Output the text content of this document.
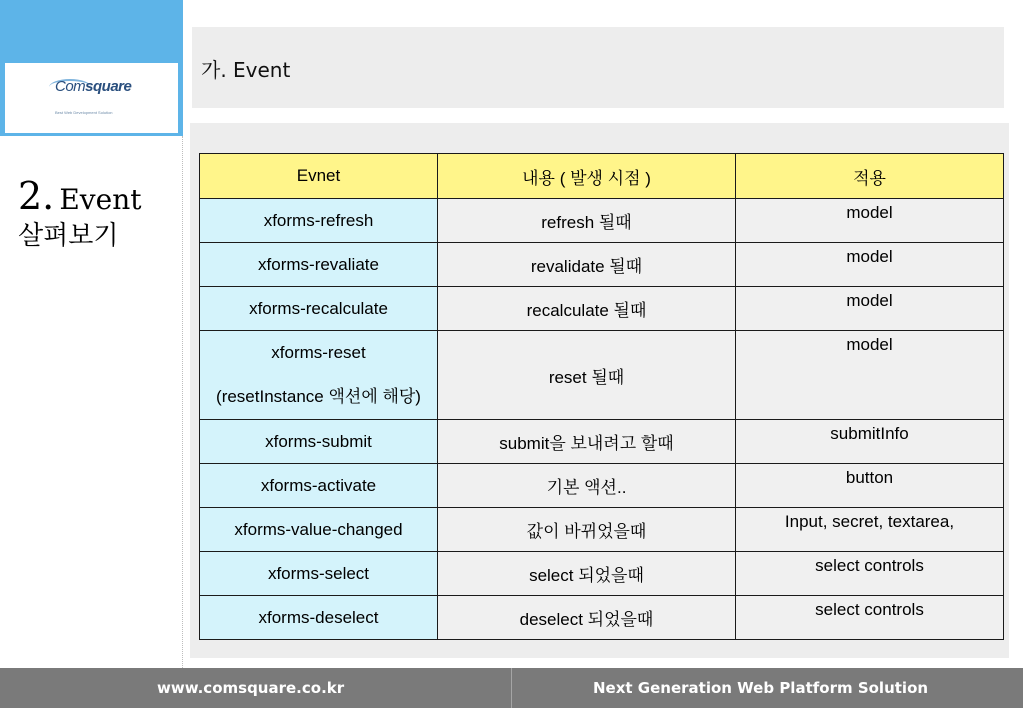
Comsquare
Best Web Development Solution
2. Event
살펴보기
가. Event
Evnet	내용 ( 발생 시점 )	적용
xforms-refresh	refresh 될때	model
xforms-revaliate	revalidate 될때	model
xforms-recalculate	recalculate 될때	model

xforms-reset
(resetInstance 액션에 해당)	reset 될때	model
xforms-submit	submit을 보내려고 할때	submitInfo
xforms-activate	기본 액션..	button
xforms-value-changed	값이 바뀌었을때	Input, secret, textarea,
xforms-select	select 되었을때	select controls
xforms-deselect	deselect 되었을때	select controls
www.comsquare.co.kr	Next Generation Web Platform Solution
